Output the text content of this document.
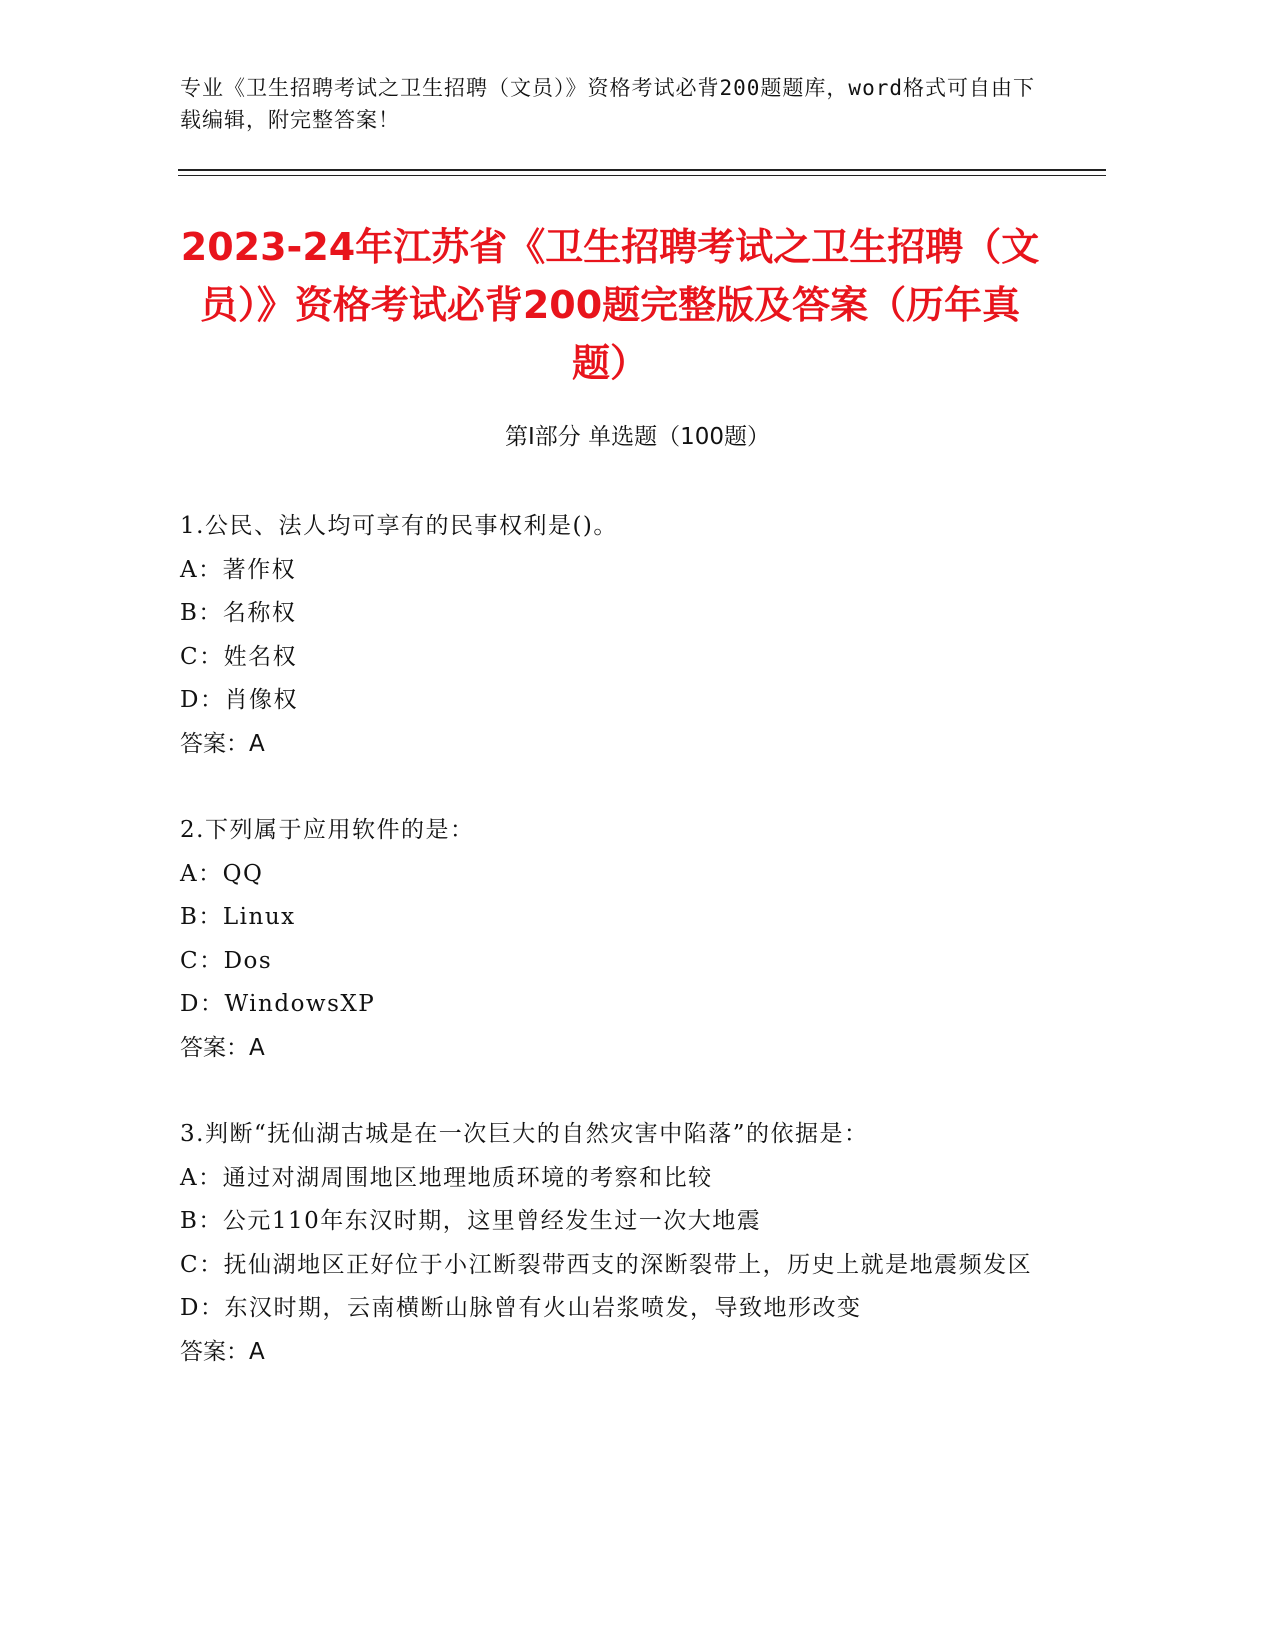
专业《卫生招聘考试之卫生招聘（文员）》资格考试必背200题题库，word格式可自由下载编辑，附完整答案！
2023-24年江苏省《卫生招聘考试之卫生招聘（文员）》资格考试必背200题完整版及答案（历年真题）
第I部分 单选题（100题）
1.公民、法人均可享有的民事权利是()。
A：著作权
B：名称权
C：姓名权
D：肖像权
答案：A
2.下列属于应用软件的是：
A：QQ
B：Linux
C：Dos
D：WindowsXP
答案：A
3.判断“抚仙湖古城是在一次巨大的自然灾害中陷落”的依据是：
A：通过对湖周围地区地理地质环境的考察和比较
B：公元110年东汉时期，这里曾经发生过一次大地震
C：抚仙湖地区正好位于小江断裂带西支的深断裂带上，历史上就是地震频发区
D：东汉时期，云南横断山脉曾有火山岩浆喷发，导致地形改变
答案：A
